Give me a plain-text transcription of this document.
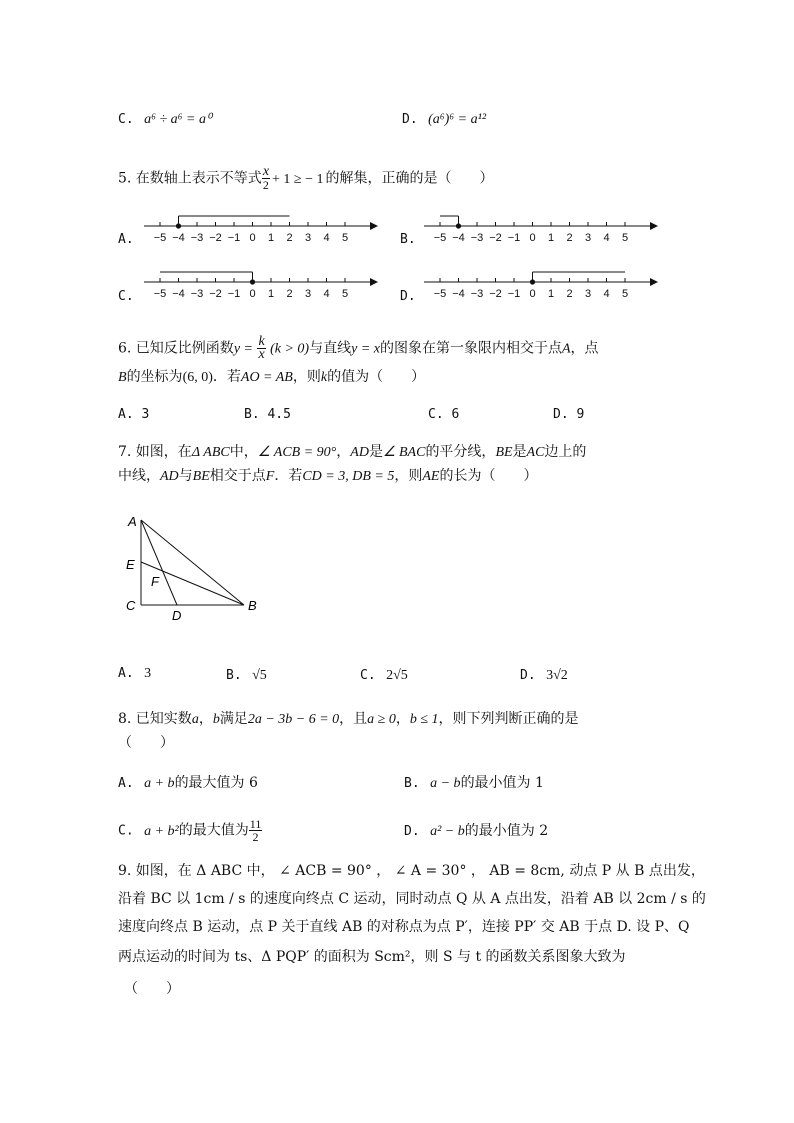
C. a⁶ ÷ a⁶ = a⁰	D. (a⁶)⁶ = a¹²
5. 在数轴上表示不等式 $\frac{x}{2} + 1$ ≥ − 1 的解集，正确的是（　　）
A.	B.
C.	D.
−5 −4 −3 −2 −1 0 1 2 3 4 5	−5 −4 −3 −2 −1 0 1 2 3 4 5
−5 −4 −3 −2 −1 0 1 2 3 4 5	−5 −4 −3 −2 −1 0 1 2 3 4 5
6. 已知反比例函数$y = \frac{k}{x} (k > 0)$与直线y = x的图象在第一象限内相交于点A，点
B的坐标为(6, 0)．若AO = AB，则k的值为（　　）
A. 3	B. 4.5	C. 6	D. 9
7. 如图，在Δ ABC中，∠ ACB = 90°，AD是∠ BAC的平分线，BE是AC边上的
中线，AD与BE相交于点F．若CD = 3, DB = 5，则AE的长为（　　）
A
E
F
C
D
B
A. 3	B. √5	C. 2√5	D. 3√2
8. 已知实数a，b满足2a − 3b − 6 = 0，且a ≥ 0，b ≤ 1，则下列判断正确的是
（　　）
A. a + b的最大值为 6	B. a − b的最小值为 1
C. a + b²的最大值为 $\frac{11}{2}$	D. a² − b的最小值为 2
9. 如图，在 Δ ABC 中， ∠ ACB = 90° ， ∠ A = 30° ， AB = 8cm, 动点 P 从 B 点出发，
沿着 BC 以 1cm / s 的速度向终点 C 运动，同时动点 Q 从 A 点出发，沿着 AB 以 2cm / s 的
速度向终点 B 运动，点 P 关于直线 AB 的对称点为点 P′，连接 PP′ 交 AB 于点 D. 设 P、Q
两点运动的时间为 ts、Δ PQP′ 的面积为 Scm²，则 S 与 t 的函数关系图象大致为
（　　）
